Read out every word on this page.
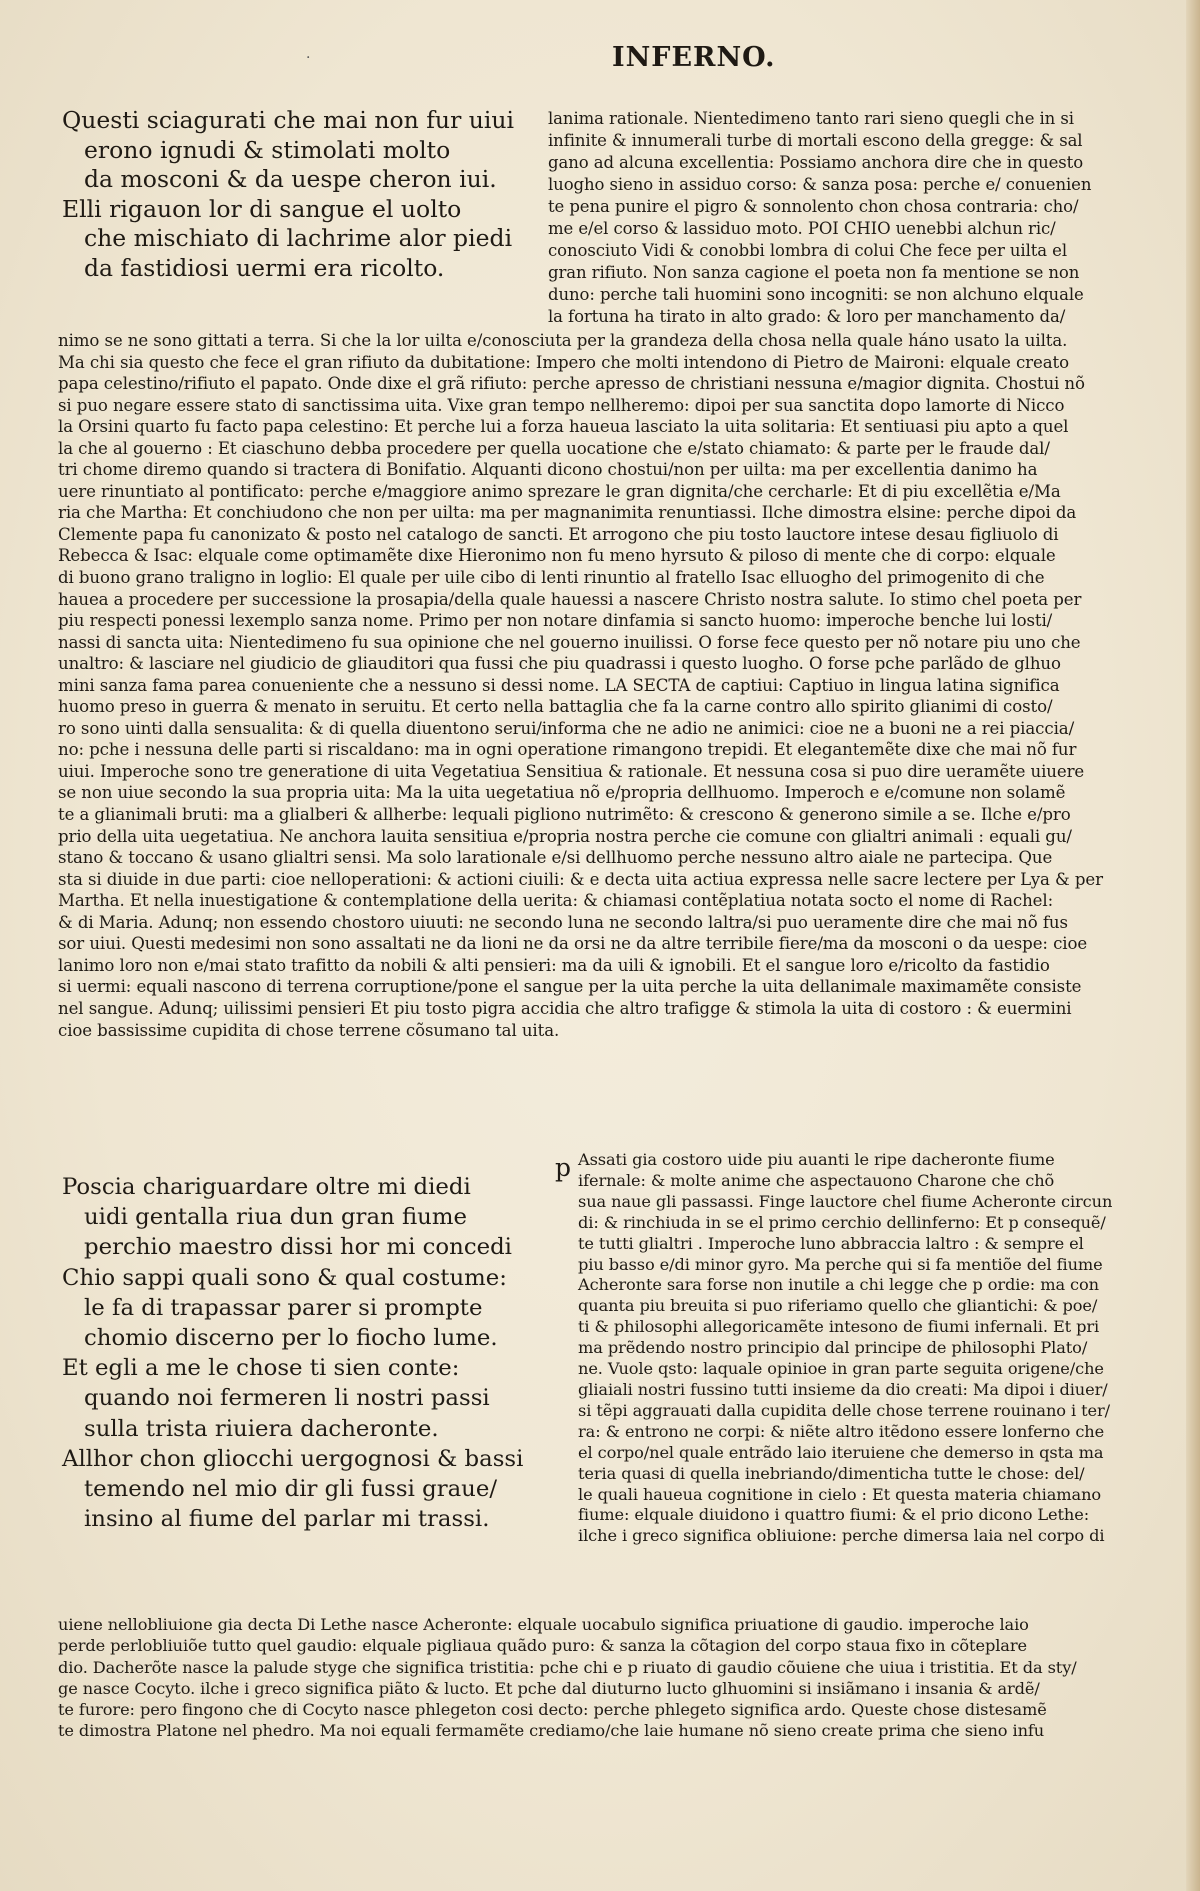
·	INFERNO.
Questi sciagurati che mai non fur uiui
erono ignudi & stimolati molto
da mosconi & da uespe cheron iui.
Elli rigauon lor di sangue el uolto
che mischiato di lachrime alor piedi
da fastidiosi uermi era ricolto.
lanima rationale. Nientedimeno tanto rari sieno quegli che in si
infinite & innumerali turbe di mortali escono della gregge: & sal
gano ad alcuna excellentia: Possiamo anchora dire che in questo
luogho sieno in assiduo corso: & sanza posa: perche e/ conuenien
te pena punire el pigro & sonnolento chon chosa contraria: cho/
me e/el corso & lassiduo moto. POI CHIO uenebbi alchun ric/
conosciuto Vidi & conobbi lombra di colui Che fece per uilta el
gran rifiuto. Non sanza cagione el poeta non fa mentione se non
duno: perche tali huomini sono incogniti: se non alchuno elquale
la fortuna ha tirato in alto grado: & loro per manchamento da/
nimo se ne sono gittati a terra. Si che la lor uilta e/conosciuta per la grandeza della chosa nella quale háno usato la uilta.
Ma chi sia questo che fece el gran rifiuto da dubitatione: Impero che molti intendono di Pietro de Maironi: elquale creato
papa celestino/rifiuto el papato. Onde dixe el grã rifiuto: perche apresso de christiani nessuna e/magior dignita. Chostui nõ
si puo negare essere stato di sanctissima uita. Vixe gran tempo nellheremo: dipoi per sua sanctita dopo lamorte di Nicco
la Orsini quarto fu facto papa celestino: Et perche lui a forza haueua lasciato la uita solitaria: Et sentiuasi piu apto a quel
la che al gouerno : Et ciaschuno debba procedere per quella uocatione che e/stato chiamato: & parte per le fraude dal/
tri chome diremo quando si tractera di Bonifatio. Alquanti dicono chostui/non per uilta: ma per excellentia danimo ha
uere rinuntiato al pontificato: perche e/maggiore animo sprezare le gran dignita/che cercharle: Et di piu excellẽtia e/Ma
ria che Martha: Et conchiudono che non per uilta: ma per magnanimita renuntiassi. Ilche dimostra elsine: perche dipoi da
Clemente papa fu canonizato & posto nel catalogo de sancti. Et arrogono che piu tosto lauctore intese desau figliuolo di
Rebecca & Isac: elquale come optimamẽte dixe Hieronimo non fu meno hyrsuto & piloso di mente che di corpo: elquale
di buono grano traligno in loglio: El quale per uile cibo di lenti rinuntio al fratello Isac elluogho del primogenito di che
hauea a procedere per successione la prosapia/della quale hauessi a nascere Christo nostra salute. Io stimo chel poeta per
piu respecti ponessi lexemplo sanza nome. Primo per non notare dinfamia si sancto huomo: imperoche benche lui losti/
nassi di sancta uita: Nientedimeno fu sua opinione che nel gouerno inuilissi. O forse fece questo per nõ notare piu uno che
unaltro: & lasciare nel giudicio de gliauditori qua fussi che piu quadrassi i questo luogho. O forse pche parlãdo de glhuo
mini sanza fama parea conueniente che a nessuno si dessi nome. LA SECTA de captiui: Captiuo in lingua latina significa
huomo preso in guerra & menato in seruitu. Et certo nella battaglia che fa la carne contro allo spirito glianimi di costo/
ro sono uinti dalla sensualita: & di quella diuentono serui/informa che ne adio ne animici: cioe ne a buoni ne a rei piaccia/
no: pche i nessuna delle parti si riscaldano: ma in ogni operatione rimangono trepidi. Et elegantemẽte dixe che mai nõ fur
uiui. Imperoche sono tre generatione di uita Vegetatiua Sensitiua & rationale. Et nessuna cosa si puo dire ueramẽte uiuere
se non uiue secondo la sua propria uita: Ma la uita uegetatiua nõ e/propria dellhuomo. Imperoch e e/comune non solamẽ
te a glianimali bruti: ma a glialberi & allherbe: lequali pigliono nutrimẽto: & crescono & generono simile a se. Ilche e/pro
prio della uita uegetatiua. Ne anchora lauita sensitiua e/propria nostra perche cie comune con glialtri animali : equali gu/
stano & toccano & usano glialtri sensi. Ma solo larationale e/si dellhuomo perche nessuno altro aiale ne partecipa. Que
sta si diuide in due parti: cioe nelloperationi: & actioni ciuili: & e decta uita actiua expressa nelle sacre lectere per Lya & per
Martha. Et nella inuestigatione & contemplatione della uerita: & chiamasi contẽplatiua notata socto el nome di Rachel:
& di Maria. Adunq; non essendo chostoro uiuuti: ne secondo luna ne secondo laltra/si puo ueramente dire che mai nõ fus
sor uiui. Questi medesimi non sono assaltati ne da lioni ne da orsi ne da altre terribile fiere/ma da mosconi o da uespe: cioe
lanimo loro non e/mai stato trafitto da nobili & alti pensieri: ma da uili & ignobili. Et el sangue loro e/ricolto da fastidio
si uermi: equali nascono di terrena corruptione/pone el sangue per la uita perche la uita dellanimale maximamẽte consiste
nel sangue. Adunq; uilissimi pensieri Et piu tosto pigra accidia che altro trafigge & stimola la uita di costoro : & euermini
cioe bassissime cupidita di chose terrene cõsumano tal uita.
Poscia chariguardare oltre mi diedi
uidi gentalla riua dun gran fiume
perchio maestro dissi hor mi concedi
Chio sappi quali sono & qual costume:
le fa di trapassar parer si prompte
chomio discerno per lo fiocho lume.
Et egli a me le chose ti sien conte:
quando noi fermeren li nostri passi
sulla trista riuiera dacheronte.
Allhor chon gliocchi uergognosi & bassi
temendo nel mio dir gli fussi graue/
insino al fiume del parlar mi trassi.
p Assati gia costoro uide piu auanti le ripe dacheronte fiume
ifernale: & molte anime che aspectauono Charone che chõ
sua naue gli passassi. Finge lauctore chel fiume Acheronte circun
di: & rinchiuda in se el primo cerchio dellinferno: Et p consequẽ/
te tutti glialtri . Imperoche luno abbraccia laltro : & sempre el
piu basso e/di minor gyro. Ma perche qui si fa mentiõe del fiume
Acheronte sara forse non inutile a chi legge che p ordie: ma con
quanta piu breuita si puo riferiamo quello che gliantichi: & poe/
ti & philosophi allegoricamẽte intesono de fiumi infernali. Et pri
ma prẽdendo nostro principio dal principe de philosophi Plato/
ne. Vuole qsto: laquale opinioe in gran parte seguita origene/che
gliaiali nostri fussino tutti insieme da dio creati: Ma dipoi i diuer/
si tẽpi aggrauati dalla cupidita delle chose terrene rouinano i ter/
ra: & entrono ne corpi: & niẽte altro itẽdono essere lonferno che
el corpo/nel quale entrãdo laio iteruiene che demerso in qsta ma
teria quasi di quella inebriando/dimenticha tutte le chose: del/
le quali haueua cognitione in cielo : Et questa materia chiamano
fiume: elquale diuidono i quattro fiumi: & el prio dicono Lethe:
ilche i greco significa obliuione: perche dimersa laia nel corpo di
uiene nellobliuione gia decta Di Lethe nasce Acheronte: elquale uocabulo significa priuatione di gaudio. imperoche laio
perde perlobliuiõe tutto quel gaudio: elquale pigliaua quãdo puro: & sanza la cõtagion del corpo staua fixo in cõteplare
dio. Dacherõte nasce la palude styge che significa tristitia: pche chi e p riuato di gaudio cõuiene che uiua i tristitia. Et da sty/
ge nasce Cocyto. ilche i greco significa piãto & lucto. Et pche dal diuturno lucto glhuomini si insiãmano i insania & ardẽ/
te furore: pero fingono che di Cocyto nasce phlegeton cosi decto: perche phlegeto significa ardo. Queste chose distesamẽ
te dimostra Platone nel phedro. Ma noi equali fermamẽte crediamo/che laie humane nõ sieno create prima che sieno infu
